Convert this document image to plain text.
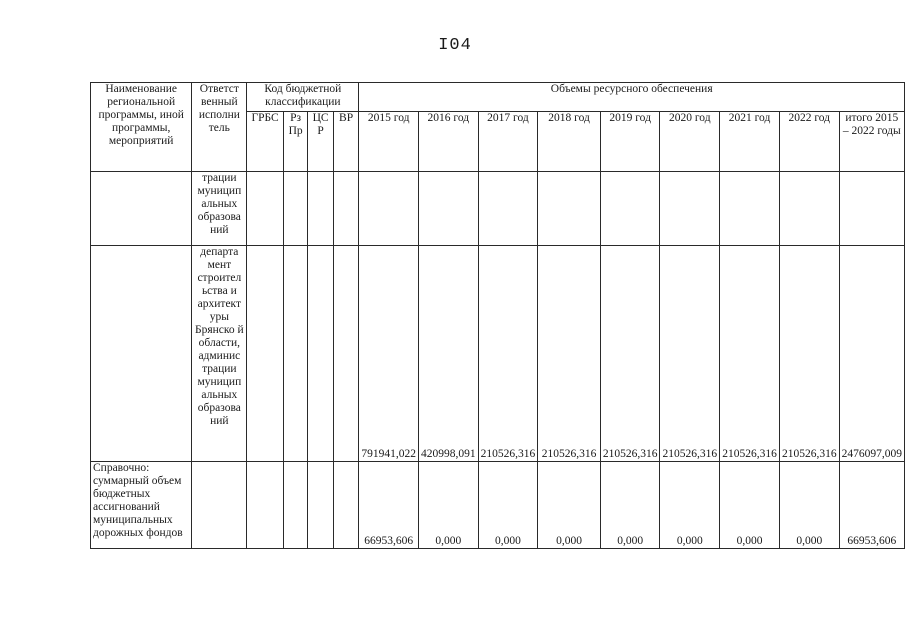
I04
Наименование региональной программы, иной программы, мероприятий	Ответст венный исполни тель	Код бюджетной классификации				Объемы ресурсного обеспечения								
		ГРБС	Рз Пр	ЦС Р	ВР	2015 год	2016 год	2017 год	2018 год	2019 год	2020 год	2021 год	2022 год	итого 2015 – 2022 годы
	трации муницип альных образова ний													
	департа мент строител ьства и архитект уры Брянско й области, админис трации муницип альных образова ний					791941,022	420998,091	210526,316	210526,316	210526,316	210526,316	210526,316	210526,316	2476097,009
Справочно: суммарный объем бюджетных ассигнований муниципальных дорожных фондов						66953,606	0,000	0,000	0,000	0,000	0,000	0,000	0,000	66953,606
